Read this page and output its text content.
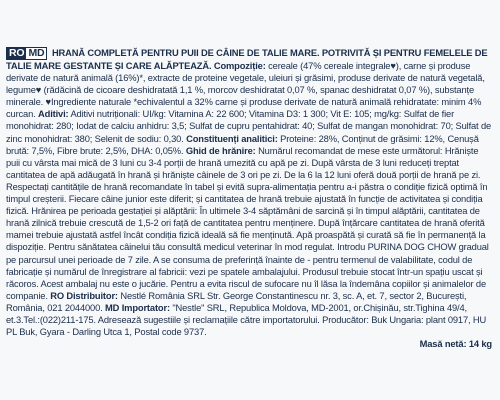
RO MD HRANĂ COMPLETĂ PENTRU PUII DE CÂINE DE TALIE MARE. POTRIVITĂ ȘI PENTRU FEMELELE DE TALIE MARE GESTANTE ȘI CARE ALĂPTEAZĂ. Compoziție: cereale (47% cereale integrale♥), carne și produse derivate de natură animală (16%)*, extracte de proteine vegetale, uleiuri și grăsimi, produse derivate de natură vegetală, legume♥ (rădăcină de cicoare deshidratată 1,1 %, morcov deshidratat 0,07 %, spanac deshidratat 0,07 %), substanțe minerale. ♥Ingrediente naturale *echivalentul a 32% carne și produse derivate de natură animală rehidratate: minim 4% curcan. Aditivi: Aditivi nutriționali: UI/kg: Vitamina A: 22 600; Vitamina D3: 1 300; Vit E: 105; mg/kg: Sulfat de fier monohidrat: 280; Iodat de calciu anhidru: 3,5; Sulfat de cupru pentahidrat: 40; Sulfat de mangan monohidrat: 70; Sulfat de zinc monohidrat: 380; Selenit de sodiu: 0,30. Constituenți analitici: Proteine: 28%, Conținut de grăsimi: 12%, Cenușă brută: 7,5%, Fibre brute: 2,5%, DHA: 0,05%. Ghid de hrănire: Numărul recomandat de mese este următorul: Hrăniște puii cu vârsta mai mică de 3 luni cu 3-4 porții de hrană umezită cu apă pe zi. După vârsta de 3 luni reduceți treptat cantitatea de apă adăugată în hrană și hrăniște câinele de 3 ori pe zi. De la 6 la 12 luni oferă două porții de hrană pe zi. Respectați cantitățile de hrană recomandate în tabel și evită supra-alimentația pentru a-i păstra o condiție fizică optimă în timpul creșterii. Fiecare câine junior este diferit; și cantitatea de hrană trebuie ajustată în funcție de activitatea și condiția fizică. Hrănirea pe perioada gestației și alăptării: În ultimele 3-4 săptămâni de sarcină și în timpul alăptării, cantitatea de hrană zilnică trebuie crescută de 1,5-2 ori față de cantitatea pentru menținere. După înțărcare cantitatea de hrană oferită mamei trebuie ajustată astfel încât condiția fizică ideală să fie menținută. Apă proaspătă și curată să fie în permanență la dispoziție. Pentru sănătatea câinelui tău consultă medicul veterinar în mod regulat. Introdu PURINA DOG CHOW gradual pe parcursul unei perioade de 7 zile. A se consuma de preferință înainte de - pentru termenul de valabilitate, codul de fabricație și numărul de înregistrare al fabricii: vezi pe spatele ambalajului. Produsul trebuie stocat într-un spațiu uscat și răcoros. Acest ambalaj nu este o jucărie. Pentru a evita riscul de sufocare nu îl lăsa la îndemâna copiilor și animalelor de companie. RO Distribuitor: Nestlé România SRL Str. George Constantinescu nr. 3, sc. A, et. 7, sector 2, București, România, 021 2044000. MD Importator: "Nestle" SRL, Republica Moldova, MD-2001, or.Chișinău, str.Tighina 49/4, et.3.Tel.:(022)211-175. Adresează sugestiile și reclamațiile către importatorului. Producător: Buk Ungaria: plant 0917, HU PL Buk, Gyara - Darling Utca 1, Postal code 9737.
Masă netă: 14 kg
